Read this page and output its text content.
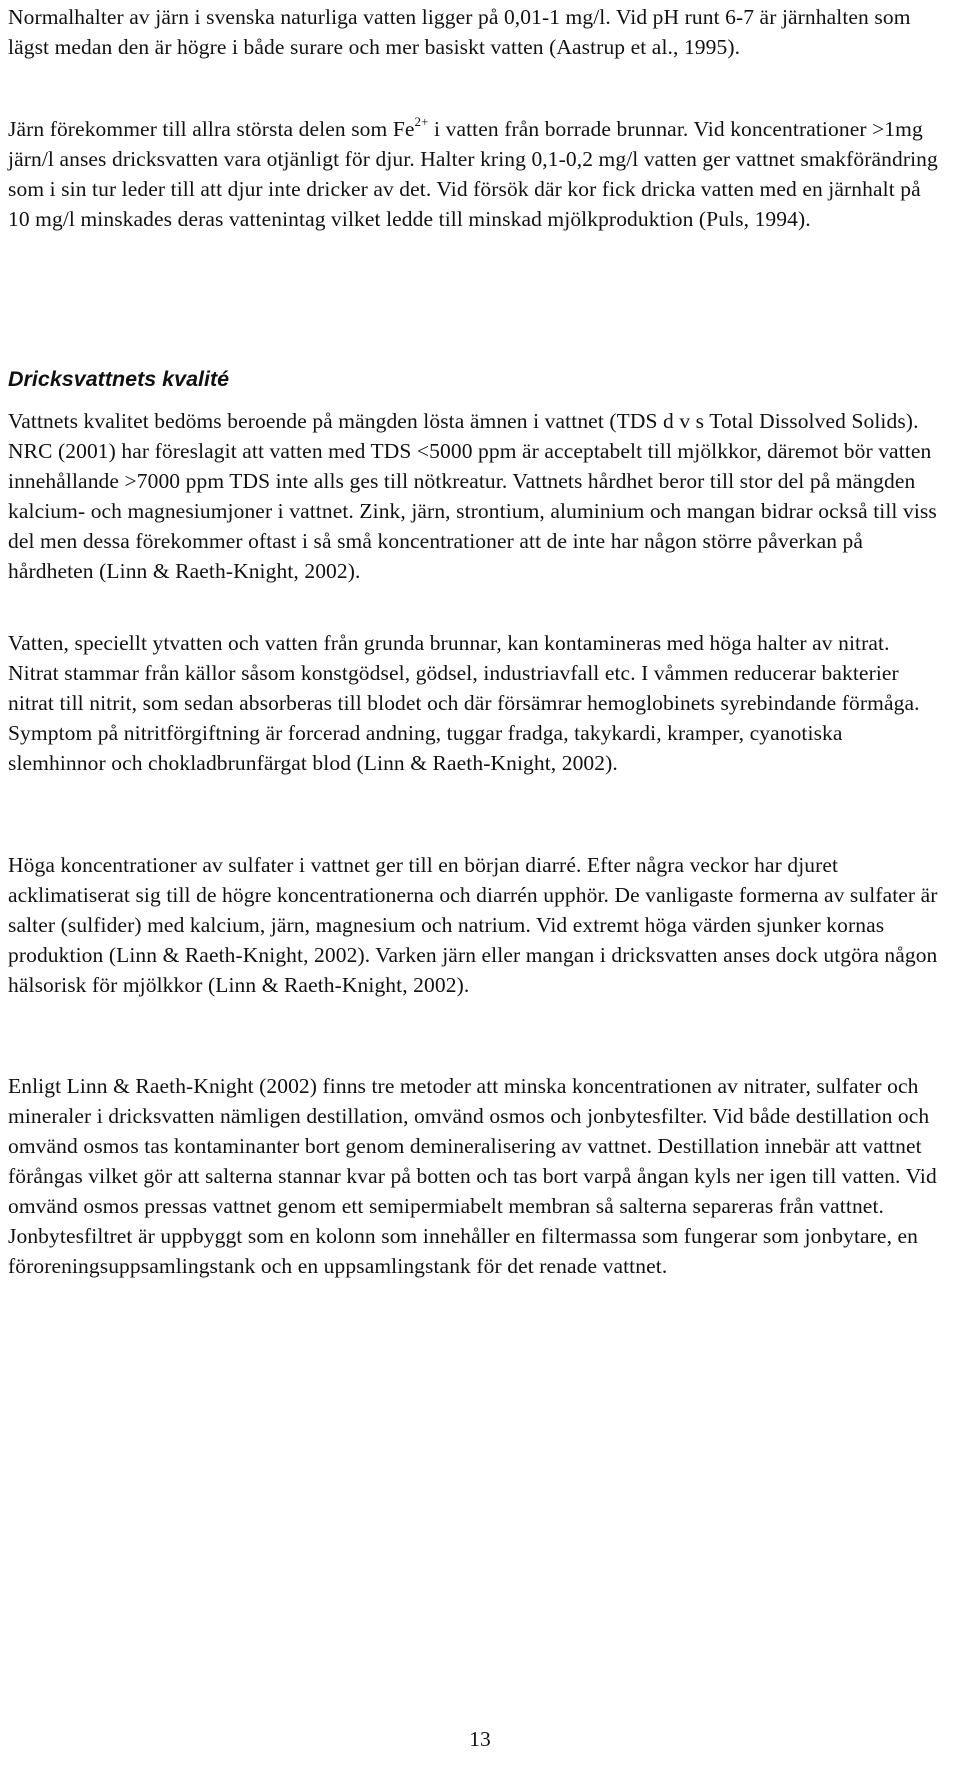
Normalhalter av järn i svenska naturliga vatten ligger på 0,01-1 mg/l. Vid pH runt 6-7 är järnhalten som lägst medan den är högre i både surare och mer basiskt vatten (Aastrup et al., 1995).

Järn förekommer till allra största delen som $Fe^{2+}$ i vatten från borrade brunnar. Vid koncentrationer >1mg järn/l anses dricksvatten vara otjänligt för djur. Halter kring 0,1-0,2 mg/l vatten ger vattnet smakförändring som i sin tur leder till att djur inte dricker av det. Vid försök där kor fick dricka vatten med en järnhalt på 10 mg/l minskades deras vattenintag vilket ledde till minskad mjölkproduktion (Puls, 1994).

Dricksvattnets kvalité

Vattnets kvalitet bedöms beroende på mängden lösta ämnen i vattnet (TDS d v s Total Dissolved Solids). NRC (2001) har föreslagit att vatten med TDS <5000 ppm är acceptabelt till mjölkkor, däremot bör vatten innehållande >7000 ppm TDS inte alls ges till nötkreatur. Vattnets hårdhet beror till stor del på mängden kalcium- och magnesiumjoner i vattnet. Zink, järn, strontium, aluminium och mangan bidrar också till viss del men dessa förekommer oftast i så små koncentrationer att de inte har någon större påverkan på hårdheten (Linn & Raeth-Knight, 2002).

Vatten, speciellt ytvatten och vatten från grunda brunnar, kan kontamineras med höga halter av nitrat. Nitrat stammar från källor såsom konstgödsel, gödsel, industriavfall etc. I våmmen reducerar bakterier nitrat till nitrit, som sedan absorberas till blodet och där försämrar hemoglobinets syrebindande förmåga. Symptom på nitritförgiftning är forcerad andning, tuggar fradga, takykardi, kramper, cyanotiska slemhinnor och chokladbrunfärgat blod (Linn & Raeth-Knight, 2002).

Höga koncentrationer av sulfater i vattnet ger till en början diarré. Efter några veckor har djuret acklimatiserat sig till de högre koncentrationerna och diarrén upphör. De vanligaste formerna av sulfater är salter (sulfider) med kalcium, järn, magnesium och natrium. Vid extremt höga värden sjunker kornas produktion (Linn & Raeth-Knight, 2002). Varken järn eller mangan i dricksvatten anses dock utgöra någon hälsorisk för mjölkkor (Linn & Raeth-Knight, 2002).

Enligt Linn & Raeth-Knight (2002) finns tre metoder att minska koncentrationen av nitrater, sulfater och mineraler i dricksvatten nämligen destillation, omvänd osmos och jonbytesfilter. Vid både destillation och omvänd osmos tas kontaminanter bort genom demineralisering av vattnet. Destillation innebär att vattnet förångas vilket gör att salterna stannar kvar på botten och tas bort varpå ångan kyls ner igen till vatten. Vid omvänd osmos pressas vattnet genom ett semipermiabelt membran så salterna separeras från vattnet. Jonbytesfiltret är uppbyggt som en kolonn som innehåller en filtermassa som fungerar som jonbytare, en föroreningsuppsamlingstank och en uppsamlingstank för det renade vattnet.

13
